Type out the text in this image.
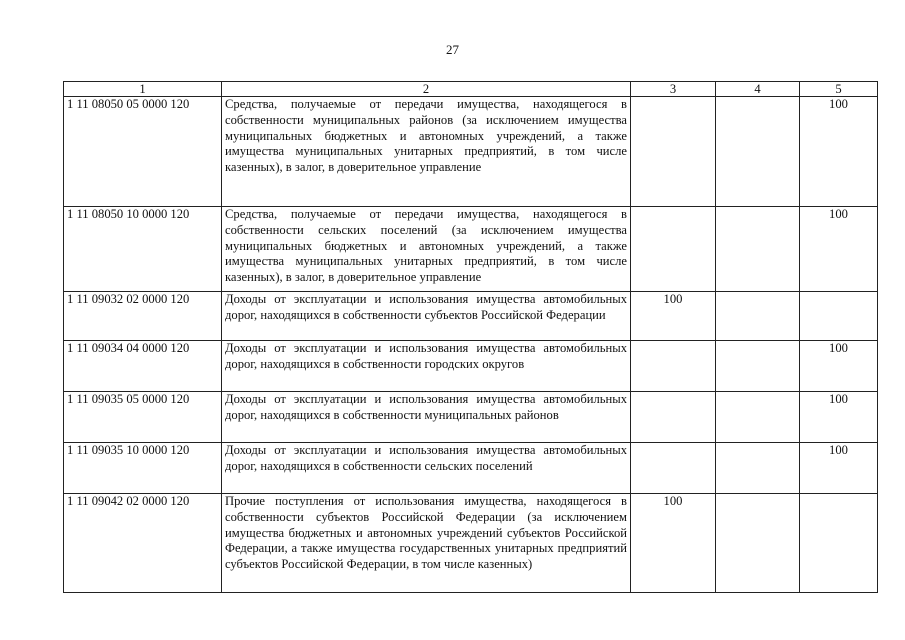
27
1	2	3	4	5
1 11 08050 05 0000 120	Средства, получаемые от передачи имущества, находящегося в собственности муниципальных районов (за исключением имущества муниципальных бюджетных и автономных учреждений, а также имущества муниципальных унитарных предприятий, в том числе казенных), в залог, в доверительное управление			100
1 11 08050 10 0000 120	Средства, получаемые от передачи имущества, находящегося в собственности сельских поселений (за исключением имущества муниципальных бюджетных и автономных учреждений, а также имущества муниципальных унитарных предприятий, в том числе казенных), в залог, в доверительное управление			100
1 11 09032 02 0000 120	Доходы от эксплуатации и использования имущества автомобильных дорог, находящихся в собственности субъектов Российской Федерации	100		
1 11 09034 04 0000 120	Доходы от эксплуатации и использования имущества автомобильных дорог, находящихся в собственности городских округов			100
1 11 09035 05 0000 120	Доходы от эксплуатации и использования имущества автомобильных дорог, находящихся в собственности муниципальных районов			100
1 11 09035 10 0000 120	Доходы от эксплуатации и использования имущества автомобильных дорог, находящихся в собственности сельских поселений			100
1 11 09042 02 0000 120	Прочие поступления от использования имущества, находящегося в собственности субъектов Российской Федерации (за исключением имущества бюджетных и автономных учреждений субъектов Российской Федерации, а также имущества государственных унитарных предприятий субъектов Российской Федерации, в том числе казенных)	100		
